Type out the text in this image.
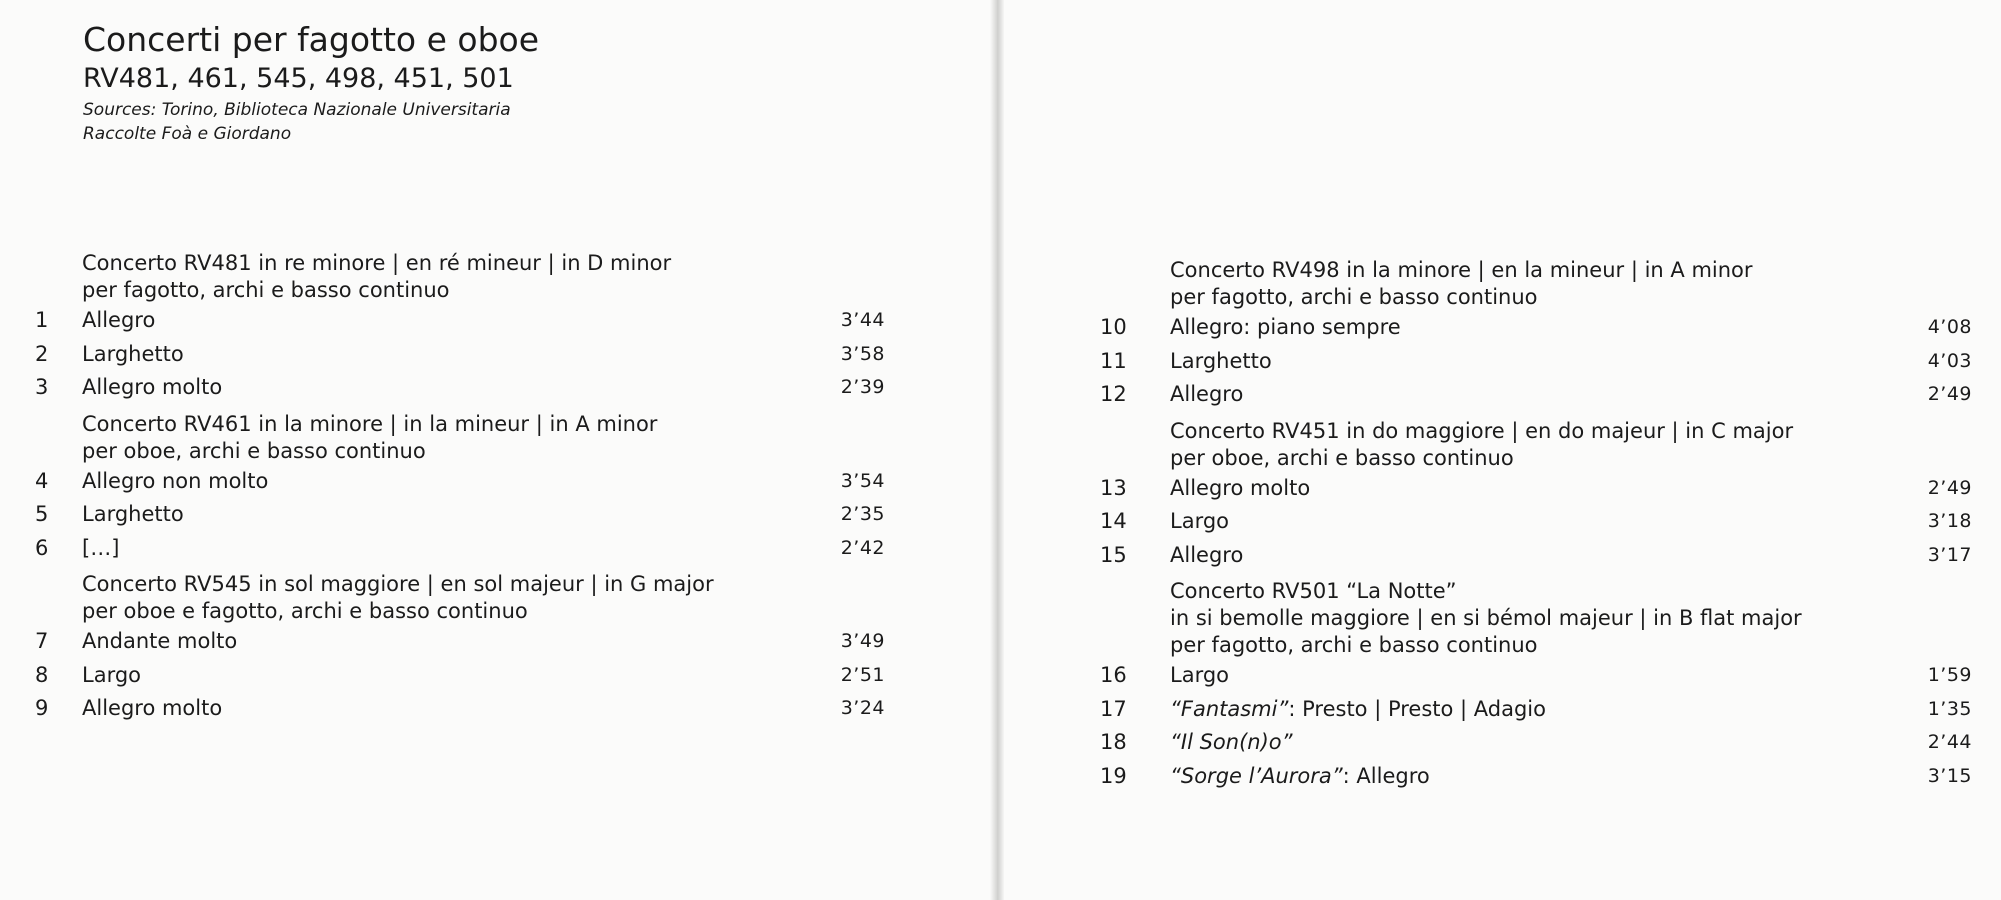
Concerti per fagotto e oboe
RV481, 461, 545, 498, 451, 501
Sources: Torino, Biblioteca Nazionale Universitaria
Raccolte Foà e Giordano
Concerto RV481 in re minore | en ré mineur | in D minor
per fagotto, archi e basso continuo
1	Allegro	3’44
2	Larghetto	3’58
3	Allegro molto	2’39
Concerto RV461 in la minore | in la mineur | in A minor
per oboe, archi e basso continuo
4	Allegro non molto	3’54
5	Larghetto	2’35
6	[…]	2’42
Concerto RV545 in sol maggiore | en sol majeur | in G major
per oboe e fagotto, archi e basso continuo
7	Andante molto	3’49
8	Largo	2’51
9	Allegro molto	3’24
Concerto RV498 in la minore | en la mineur | in A minor
per fagotto, archi e basso continuo
10	Allegro: piano sempre	4’08
11	Larghetto	4’03
12	Allegro	2’49
Concerto RV451 in do maggiore | en do majeur | in C major
per oboe, archi e basso continuo
13	Allegro molto	2’49
14	Largo	3’18
15	Allegro	3’17
Concerto RV501 “La Notte”
in si bemolle maggiore | en si bémol majeur | in B flat major
per fagotto, archi e basso continuo
16	Largo	1’59
17	“Fantasmi”: Presto | Presto | Adagio	1’35
18	“Il Son(n)o”	2’44
19	“Sorge l’Aurora”: Allegro	3’15
